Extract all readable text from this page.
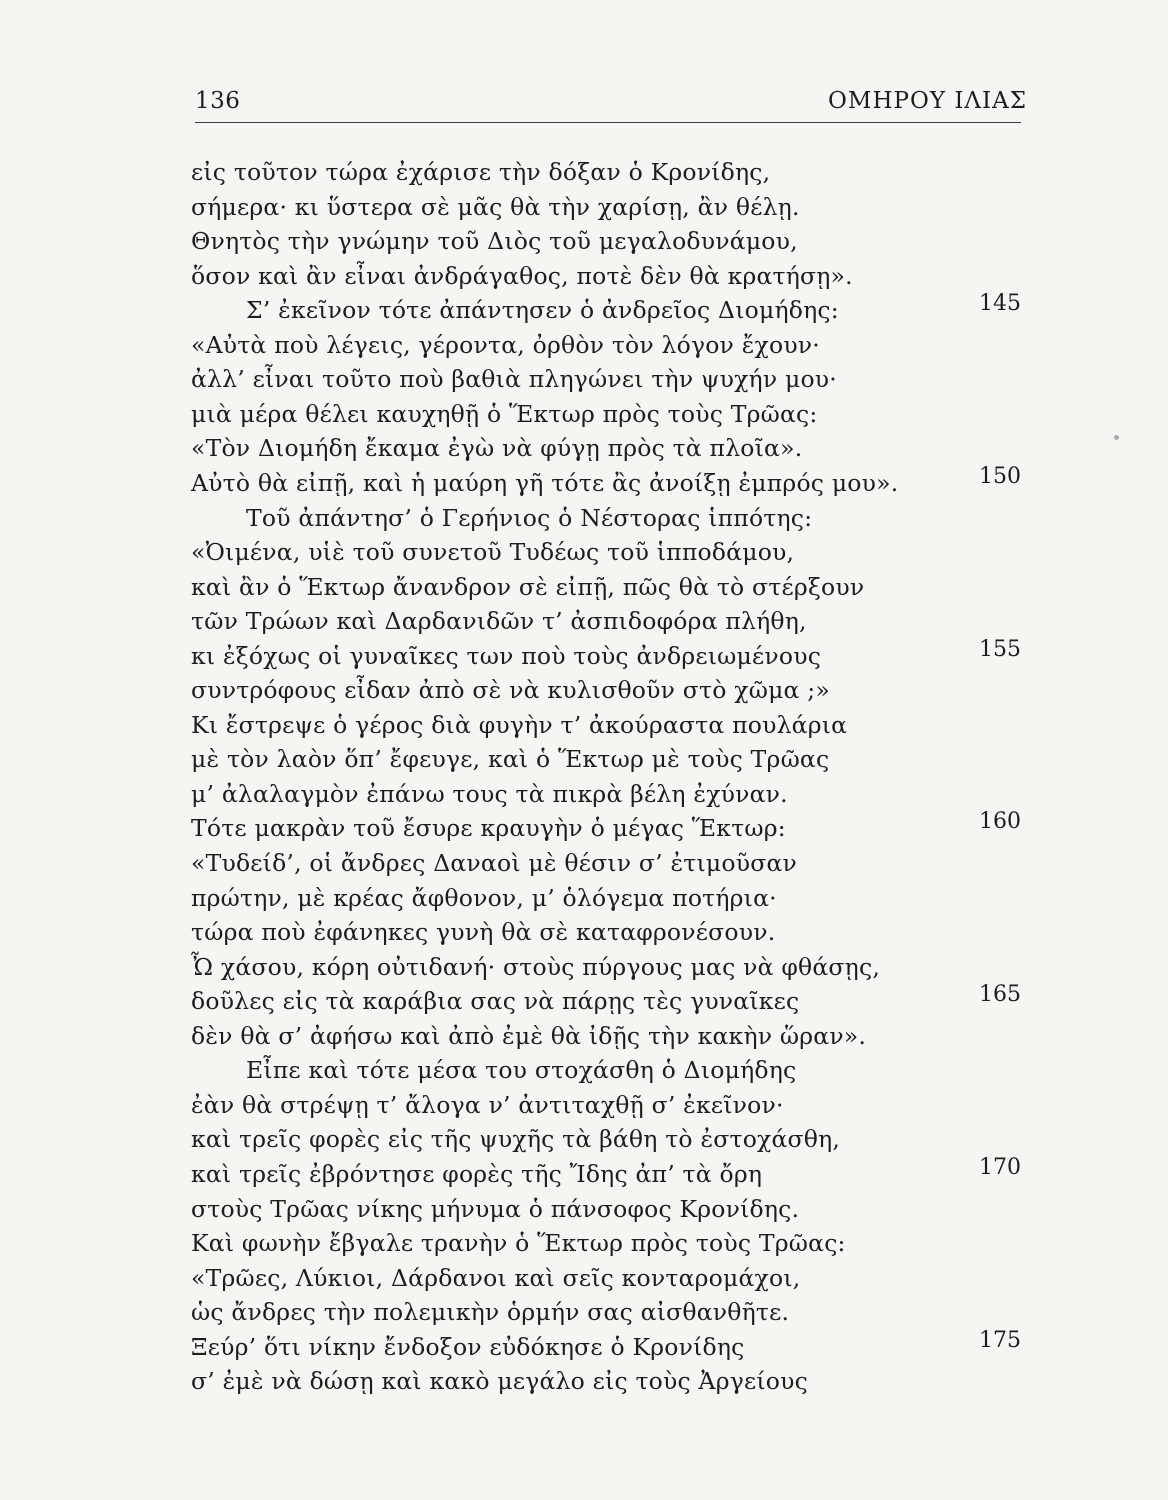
136	ΟΜΗΡΟΥ ΙΛΙΑΣ
εἰς τοῦτον τώρα ἐχάρισε τὴν δόξαν ὁ Κρονίδης,
σήμερα· κι ὕστερα σὲ μᾶς θὰ τὴν χαρίσῃ, ἂν θέλῃ.
Θνητὸς τὴν γνώμην τοῦ Διὸς τοῦ μεγαλοδυνάμου,
ὅσον καὶ ἂν εἶναι ἀνδράγαθος, ποτὲ δὲν θὰ κρατήσῃ».
Σ’ ἐκεῖνον τότε ἀπάντησεν ὁ ἀνδρεῖος Διομήδης:	145
«Αὐτὰ ποὺ λέγεις, γέροντα, ὀρθὸν τὸν λόγον ἔχουν·
ἀλλ’ εἶναι τοῦτο ποὺ βαθιὰ πληγώνει τὴν ψυχήν μου·
μιὰ μέρα θέλει καυχηθῇ ὁ Ἕκτωρ πρὸς τοὺς Τρῶας:
«Τὸν Διομήδη ἔκαμα ἐγὼ νὰ φύγῃ πρὸς τὰ πλοῖα».
Αὐτὸ θὰ εἰπῇ, καὶ ἡ μαύρη γῆ τότε ἂς ἀνοίξῃ ἐμπρός μου».	150
Τοῦ ἀπάντησ’ ὁ Γερήνιος ὁ Νέστορας ἱππότης:
«Ὀιμένα, υἱὲ τοῦ συνετοῦ Τυδέως τοῦ ἱπποδάμου,
καὶ ἂν ὁ Ἕκτωρ ἄνανδρον σὲ εἰπῇ, πῶς θὰ τὸ στέρξουν
τῶν Τρώων καὶ Δαρδανιδῶν τ’ ἀσπιδοφόρα πλήθη,
κι ἐξόχως οἱ γυναῖκες των ποὺ τοὺς ἀνδρειωμένους	155
συντρόφους εἶδαν ἀπὸ σὲ νὰ κυλισθοῦν στὸ χῶμα ;»
Κι ἔστρεψε ὁ γέρος διὰ φυγὴν τ’ ἀκούραστα πουλάρια
μὲ τὸν λαὸν ὅπ’ ἔφευγε, καὶ ὁ Ἕκτωρ μὲ τοὺς Τρῶας
μ’ ἀλαλαγμὸν ἐπάνω τους τὰ πικρὰ βέλη ἐχύναν.
Τότε μακρὰν τοῦ ἔσυρε κραυγὴν ὁ μέγας Ἕκτωρ:	160
«Τυδείδ’, οἱ ἄνδρες Δαναοὶ μὲ θέσιν σ’ ἐτιμοῦσαν
πρώτην, μὲ κρέας ἄφθονον, μ’ ὁλόγεμα ποτήρια·
τώρα ποὺ ἐφάνηκες γυνὴ θὰ σὲ καταφρονέσουν.
Ὦ χάσου, κόρη οὐτιδανή· στοὺς πύργους μας νὰ φθάσῃς,
δοῦλες εἰς τὰ καράβια σας νὰ πάρῃς τὲς γυναῖκες	165
δὲν θὰ σ’ ἀφήσω καὶ ἀπὸ ἐμὲ θὰ ἰδῇς τὴν κακὴν ὥραν».
Εἶπε καὶ τότε μέσα του στοχάσθη ὁ Διομήδης
ἐὰν θὰ στρέψῃ τ’ ἄλογα ν’ ἀντιταχθῇ σ’ ἐκεῖνον·
καὶ τρεῖς φορὲς εἰς τῆς ψυχῆς τὰ βάθη τὸ ἐστοχάσθη,
καὶ τρεῖς ἐβρόντησε φορὲς τῆς Ἴδης ἀπ’ τὰ ὄρη	170
στοὺς Τρῶας νίκης μήνυμα ὁ πάνσοφος Κρονίδης.
Καὶ φωνὴν ἔβγαλε τρανὴν ὁ Ἕκτωρ πρὸς τοὺς Τρῶας:
«Τρῶες, Λύκιοι, Δάρδανοι καὶ σεῖς κονταρομάχοι,
ὡς ἄνδρες τὴν πολεμικὴν ὁρμήν σας αἰσθανθῆτε.
Ξεύρ’ ὅτι νίκην ἔνδοξον εὐδόκησε ὁ Κρονίδης	175
σ’ ἐμὲ νὰ δώσῃ καὶ κακὸ μεγάλο εἰς τοὺς Ἀργείους
